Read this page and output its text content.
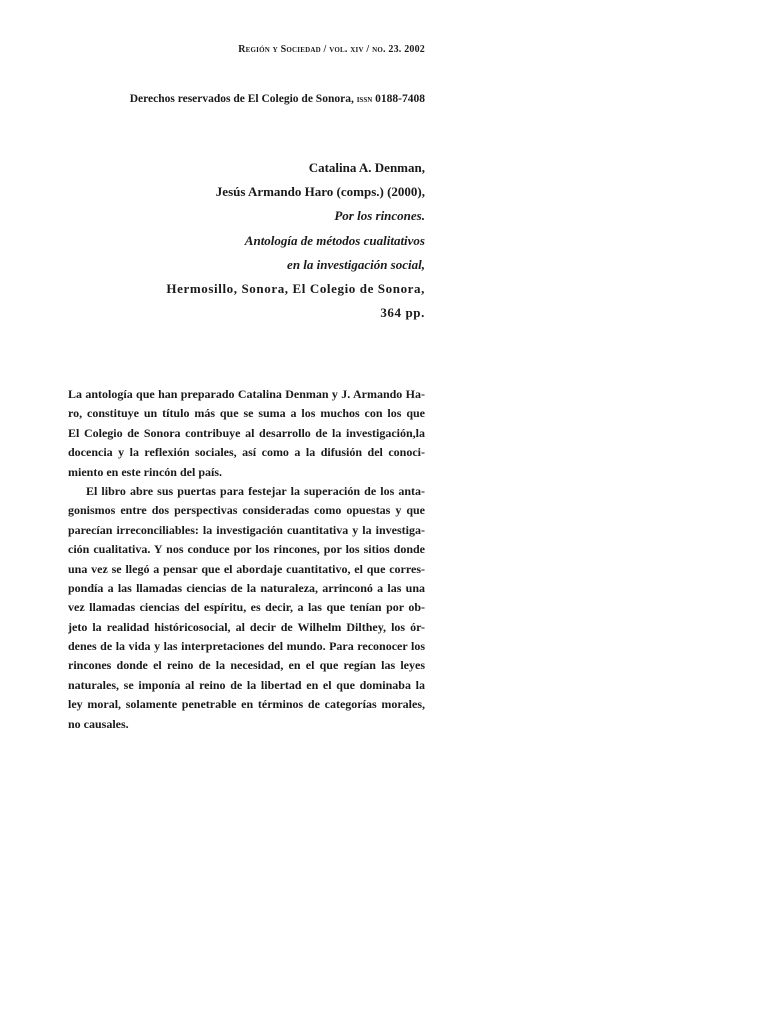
Región y Sociedad / vol. xiv / no. 23. 2002
Derechos reservados de El Colegio de Sonora, issn 0188-7408
Catalina A. Denman,
Jesús Armando Haro (comps.) (2000),
Por los rincones.
Antología de métodos cualitativos
en la investigación social,
Hermosillo, Sonora, El Colegio de Sonora,
364 pp.
La antología que han preparado Catalina Denman y J. Armando Ha-
ro, constituye un título más que se suma a los muchos con los que
El Colegio de Sonora contribuye al desarrollo de la investigación,la
docencia y la reflexión sociales, así como a la difusión del conoci-
miento en este rincón del país.
El libro abre sus puertas para festejar la superación de los anta-
gonismos entre dos perspectivas consideradas como opuestas y que
parecían irreconciliables: la investigación cuantitativa y la investiga-
ción cualitativa. Y nos conduce por los rincones, por los sitios donde
una vez se llegó a pensar que el abordaje cuantitativo, el que corres-
pondía a las llamadas ciencias de la naturaleza, arrinconó a las una
vez llamadas ciencias del espíritu, es decir, a las que tenían por ob-
jeto la realidad históricosocial, al decir de Wilhelm Dilthey, los ór-
denes de la vida y las interpretaciones del mundo. Para reconocer los
rincones donde el reino de la necesidad, en el que regían las leyes
naturales, se imponía al reino de la libertad en el que dominaba la
ley moral, solamente penetrable en términos de categorías morales,
no causales.
